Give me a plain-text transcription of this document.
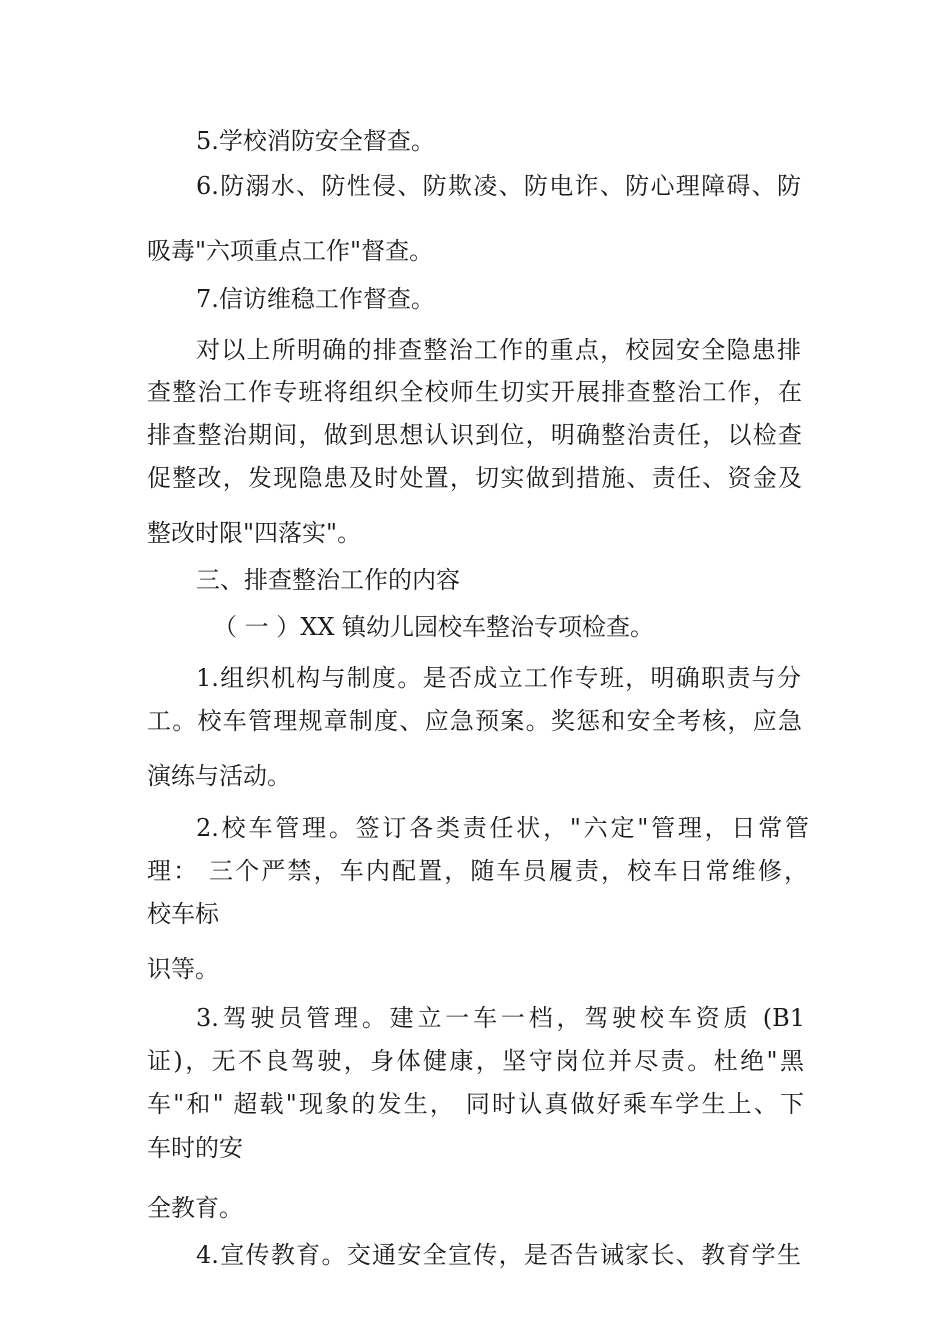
5.学校消防安全督查。
6.防溺水、防性侵、防欺凌、防电诈、防心理障碍、防
吸毒"六项重点工作"督查。
7.信访维稳工作督查。
对以上所明确的排查整治工作的重点，校园安全隐患排
查整治工作专班将组织全校师生切实开展排查整治工作，在
排查整治期间，做到思想认识到位，明确整治责任，以检查
促整改，发现隐患及时处置，切实做到措施、责任、资金及
整改时限"四落实"。
三、排查整治工作的内容
（ 一 ）XX 镇幼儿园校车整治专项检查。
1.组织机构与制度。是否成立工作专班，明确职责与分
工。校车管理规章制度、应急预案。奖惩和安全考核，应急
演练与活动。
2.校车管理。签订各类责任状，"六定"管理，日常管
理： 三个严禁，车内配置，随车员履责，校车日常维修，
校车标
识等。
3.驾驶员管理。建立一车一档，驾驶校车资质 (B1
证)，无不良驾驶，身体健康，坚守岗位并尽责。杜绝"黑
车"和" 超载"现象的发生， 同时认真做好乘车学生上、下
车时的安
全教育。
4.宣传教育。交通安全宣传，是否告诫家长、教育学生
